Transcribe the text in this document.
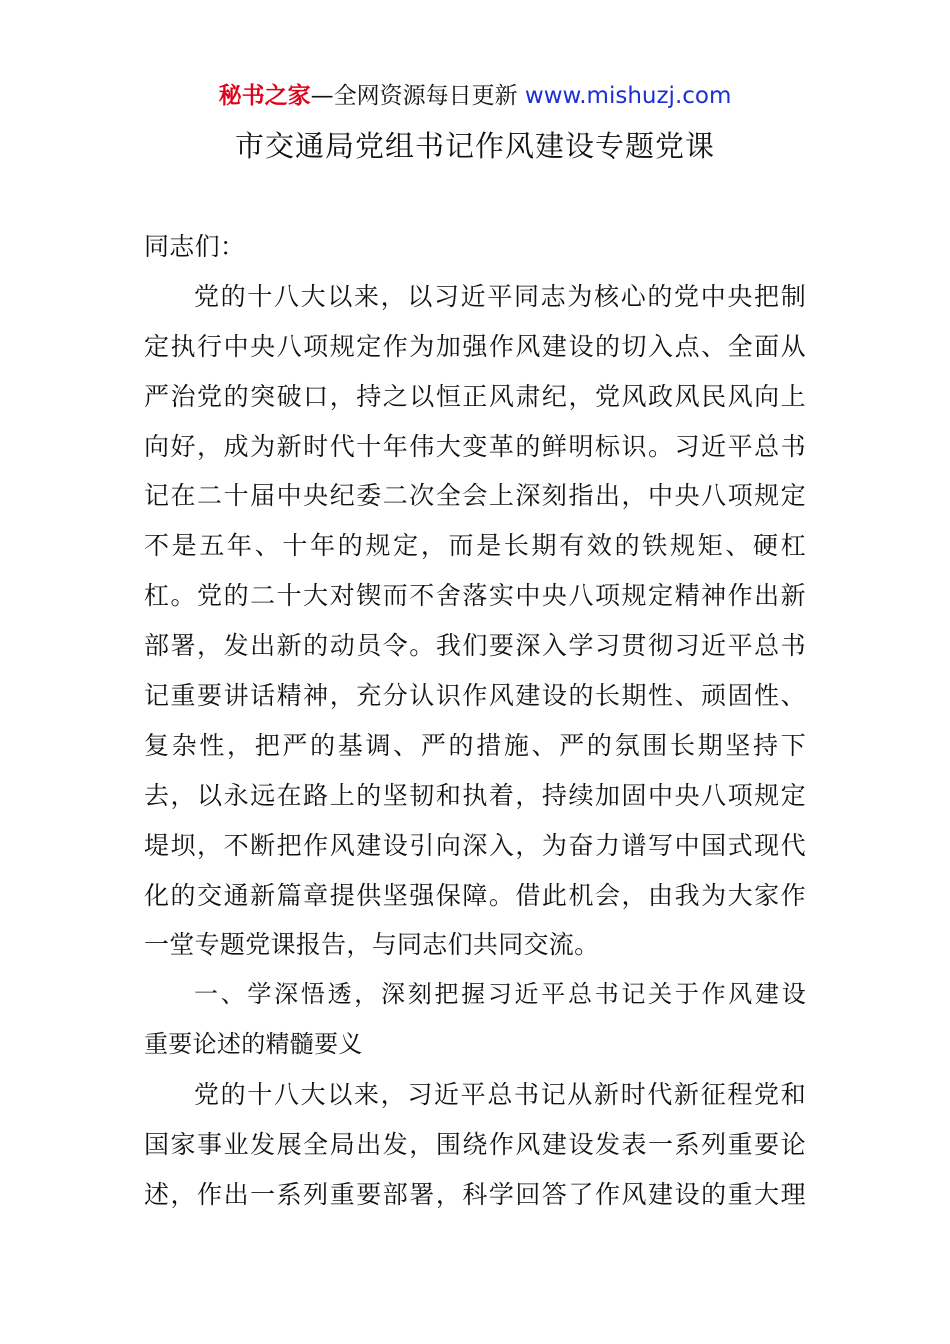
秘书之家—全网资源每日更新 www.mishuzj.com
市交通局党组书记作风建设专题党课
同志们：
党的十八大以来，以习近平同志为核心的党中央把制
定执行中央八项规定作为加强作风建设的切入点、全面从
严治党的突破口，持之以恒正风肃纪，党风政风民风向上
向好，成为新时代十年伟大变革的鲜明标识。习近平总书
记在二十届中央纪委二次全会上深刻指出，中央八项规定
不是五年、十年的规定，而是长期有效的铁规矩、硬杠
杠。党的二十大对锲而不舍落实中央八项规定精神作出新
部署，发出新的动员令。我们要深入学习贯彻习近平总书
记重要讲话精神，充分认识作风建设的长期性、顽固性、
复杂性，把严的基调、严的措施、严的氛围长期坚持下
去，以永远在路上的坚韧和执着，持续加固中央八项规定
堤坝，不断把作风建设引向深入，为奋力谱写中国式现代
化的交通新篇章提供坚强保障。借此机会，由我为大家作
一堂专题党课报告，与同志们共同交流。
一、学深悟透，深刻把握习近平总书记关于作风建设
重要论述的精髓要义
党的十八大以来，习近平总书记从新时代新征程党和
国家事业发展全局出发，围绕作风建设发表一系列重要论
述，作出一系列重要部署，科学回答了作风建设的重大理
